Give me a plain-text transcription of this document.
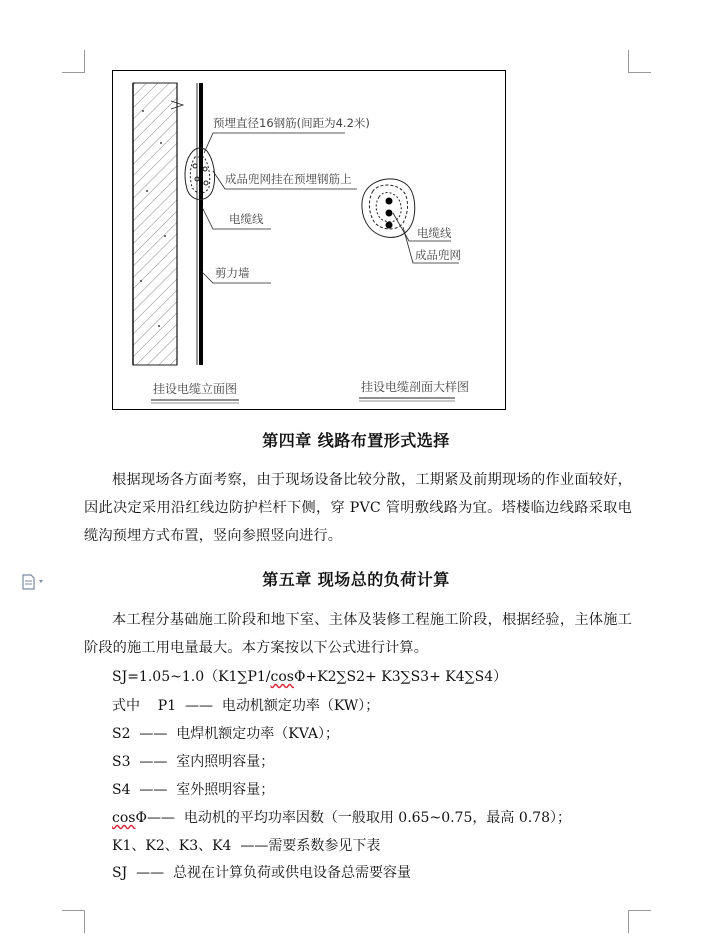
预埋直径16钢筋(间距为4.2米)
成品兜网挂在预埋钢筋上
电缆线
剪力墙
电缆线
成品兜网
挂设电缆立面图	挂设电缆剖面大样图
第四章 线路布置形式选择
根据现场各方面考察，由于现场设备比较分散，工期紧及前期现场的作业面较好，因此决定采用沿红线边防护栏杆下侧，穿 PVC 管明敷线路为宜。塔楼临边线路采取电缆沟预埋方式布置，竖向参照竖向进行。
第五章 现场总的负荷计算
本工程分基础施工阶段和地下室、主体及装修工程施工阶段，根据经验，主体施工阶段的施工用电量最大。本方案按以下公式进行计算。
SJ=1.05~1.0（K1∑P1/cosΦ+K2∑S2+ K3∑S3+ K4∑S4）
式中    P1  ——  电动机额定功率（KW）；
S2  ——  电焊机额定功率（KVA）；
S3  ——  室内照明容量；
S4  ——  室外照明容量；
cosΦ——  电动机的平均功率因数（一般取用 0.65~0.75，最高 0.78）；
K1、K2、K3、K4  ——需要系数参见下表
SJ  ——  总视在计算负荷或供电设备总需要容量
